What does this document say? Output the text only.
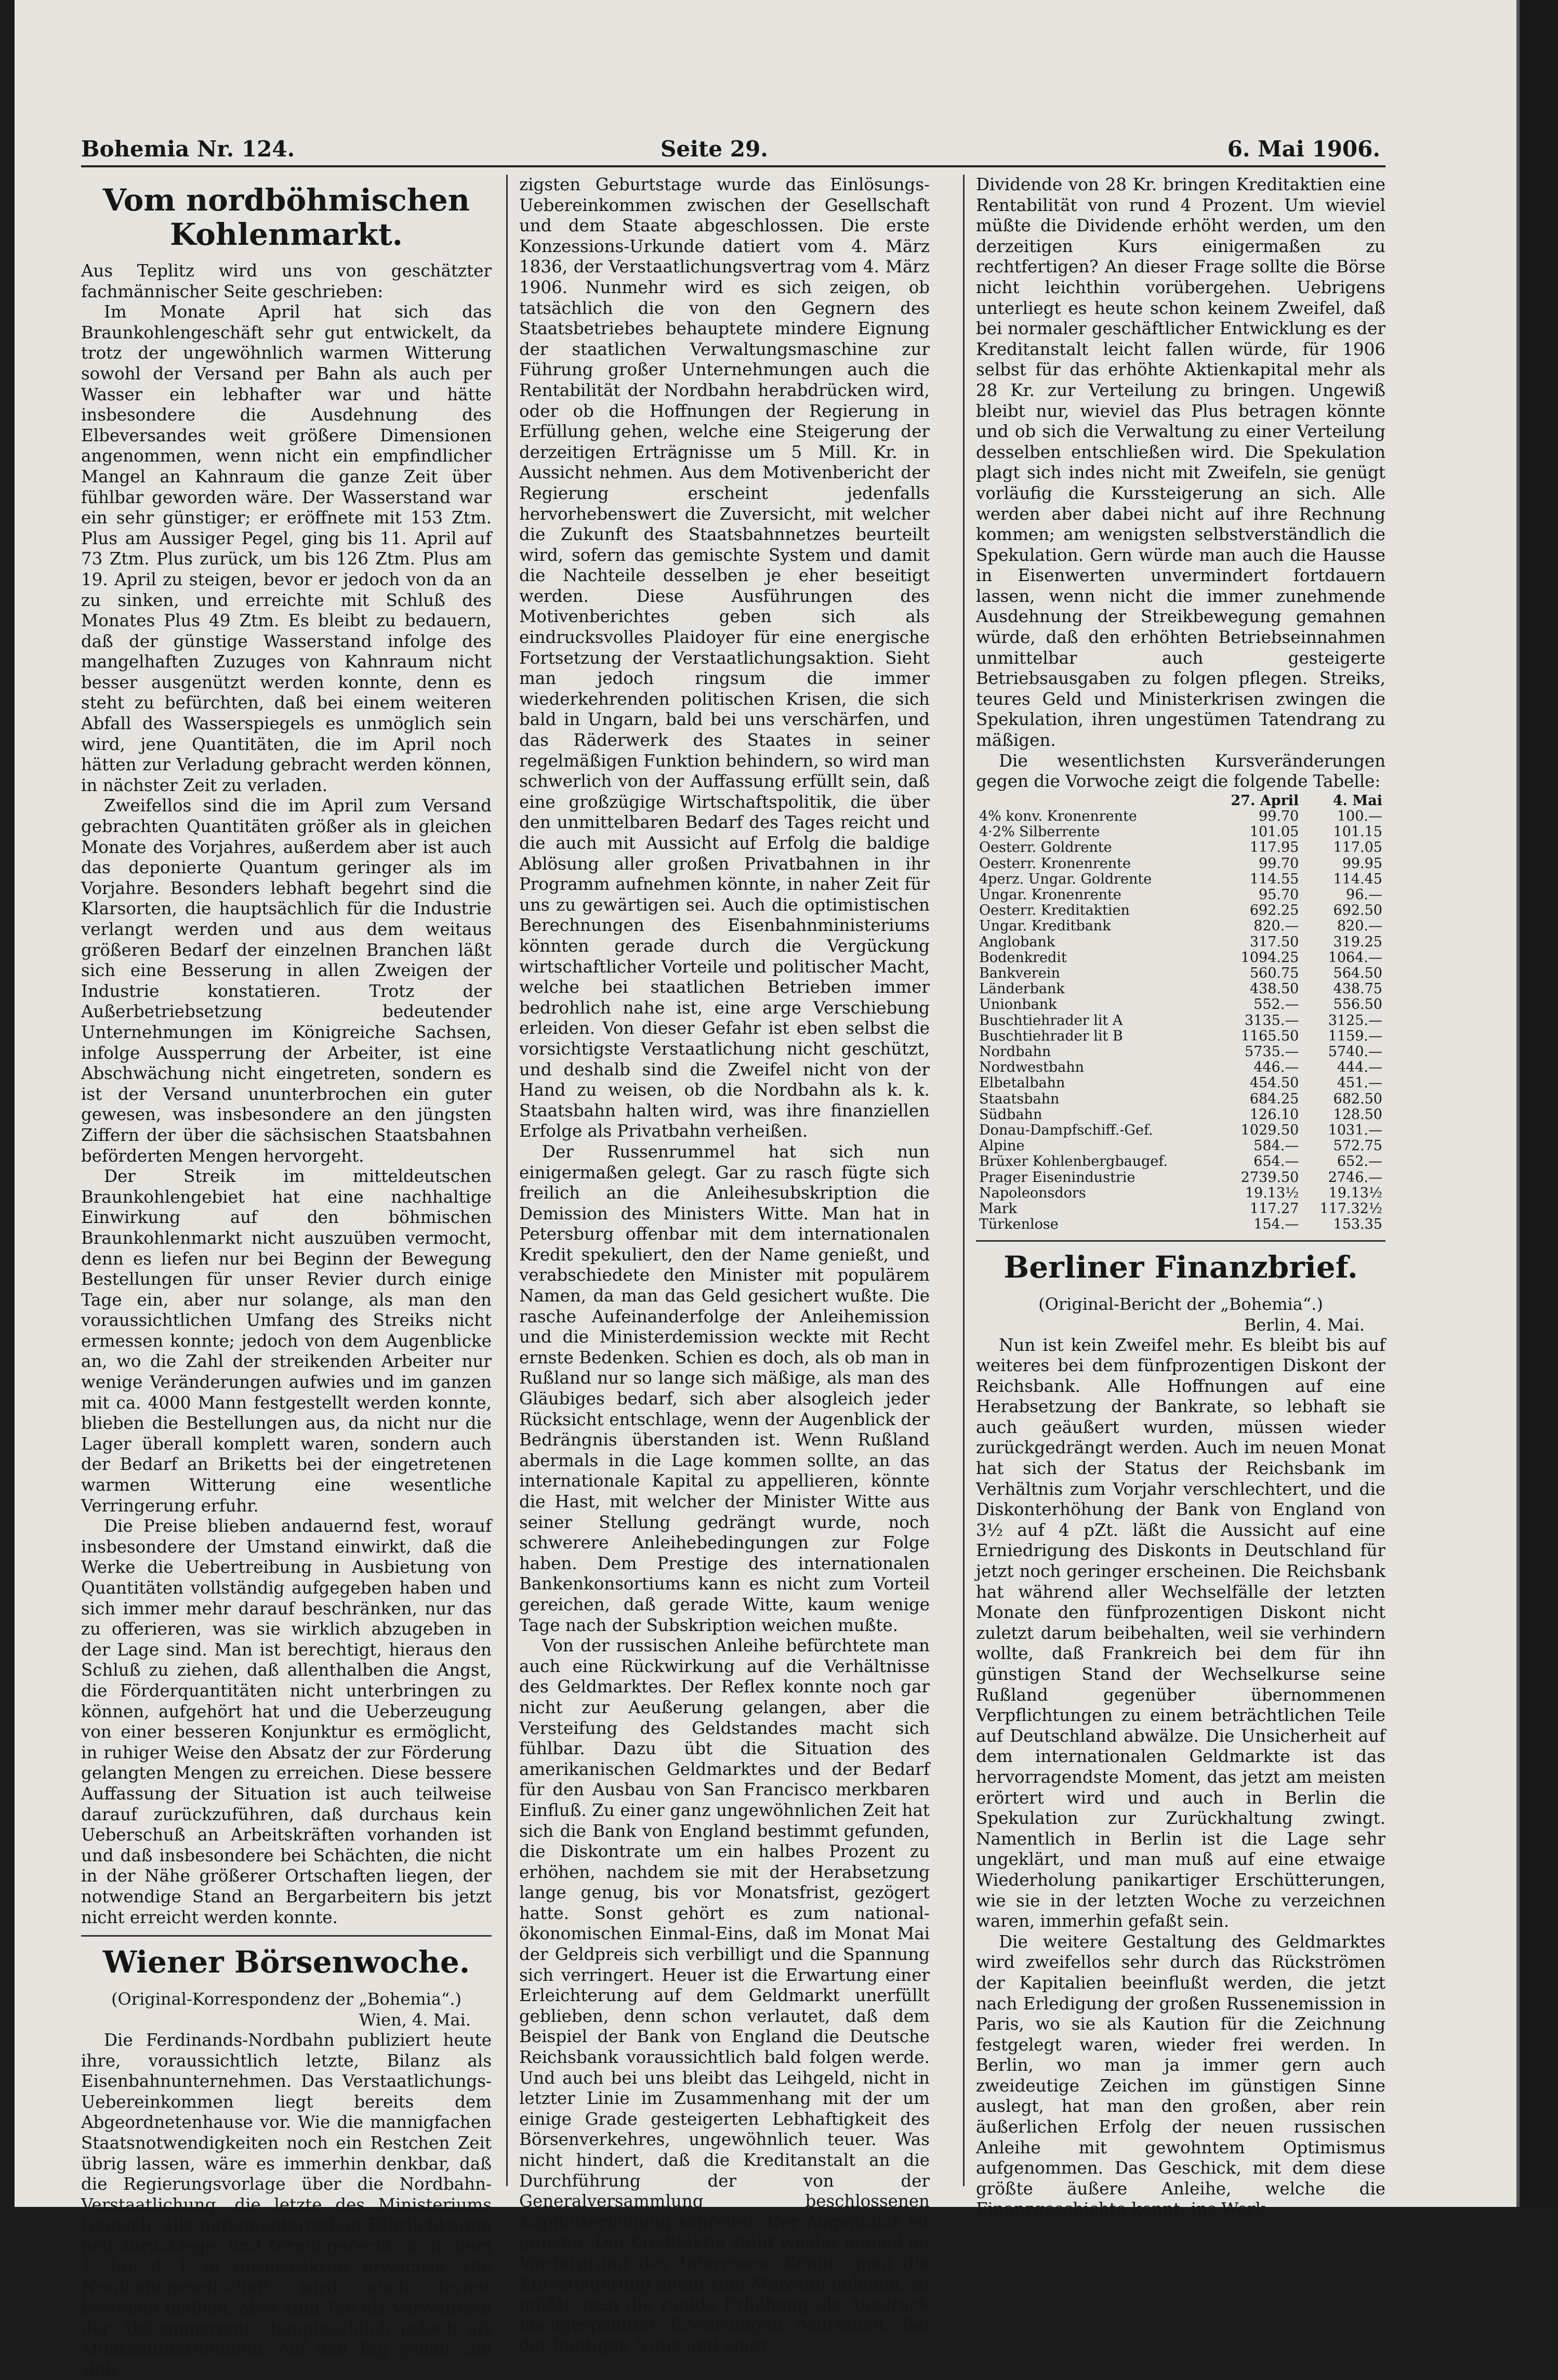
Bohemia Nr. 124.	Seite 29.	6. Mai 1906.
Vom nordböhmischen Kohlenmarkt.

Aus Teplitz wird uns von geschätzter fachmännischer Seite geschrieben:

Im Monate April hat sich das Braunkohlengeschäft sehr gut entwickelt, da trotz der ungewöhnlich warmen Witterung sowohl der Versand per Bahn als auch per Wasser ein lebhafter war und hätte insbesondere die Ausdehnung des Elbeversandes weit größere Dimensionen angenommen, wenn nicht ein empfindlicher Mangel an Kahnraum die ganze Zeit über fühlbar geworden wäre. Der Wasserstand war ein sehr günstiger; er eröffnete mit 153 Ztm. Plus am Aussiger Pegel, ging bis 11. April auf 73 Ztm. Plus zurück, um bis 126 Ztm. Plus am 19. April zu steigen, bevor er jedoch von da an zu sinken, und erreichte mit Schluß des Monates Plus 49 Ztm. Es bleibt zu bedauern, daß der günstige Wasserstand infolge des mangelhaften Zuzuges von Kahnraum nicht besser ausgenützt werden konnte, denn es steht zu befürchten, daß bei einem weiteren Abfall des Wasserspiegels es unmöglich sein wird, jene Quantitäten, die im April noch hätten zur Verladung gebracht werden können, in nächster Zeit zu verladen.

Zweifellos sind die im April zum Versand gebrachten Quantitäten größer als in gleichen Monate des Vorjahres, außerdem aber ist auch das deponierte Quantum geringer als im Vorjahre. Besonders lebhaft begehrt sind die Klarsorten, die hauptsächlich für die Industrie verlangt werden und aus dem weitaus größeren Bedarf der einzelnen Branchen läßt sich eine Besserung in allen Zweigen der Industrie konstatieren. Trotz der Außerbetriebsetzung bedeutender Unternehmungen im Königreiche Sachsen, infolge Aussperrung der Arbeiter, ist eine Abschwächung nicht eingetreten, sondern es ist der Versand ununterbrochen ein guter gewesen, was insbesondere an den jüngsten Ziffern der über die sächsischen Staatsbahnen beförderten Mengen hervorgeht.

Der Streik im mitteldeutschen Braunkohlengebiet hat eine nachhaltige Einwirkung auf den böhmischen Braunkohlenmarkt nicht auszuüben vermocht, denn es liefen nur bei Beginn der Bewegung Bestellungen für unser Revier durch einige Tage ein, aber nur solange, als man den voraussichtlichen Umfang des Streiks nicht ermessen konnte; jedoch von dem Augenblicke an, wo die Zahl der streikenden Arbeiter nur wenige Veränderungen aufwies und im ganzen mit ca. 4000 Mann festgestellt werden konnte, blieben die Bestellungen aus, da nicht nur die Lager überall komplett waren, sondern auch der Bedarf an Briketts bei der eingetretenen warmen Witterung eine wesentliche Verringerung erfuhr.

Die Preise blieben andauernd fest, worauf insbesondere der Umstand einwirkt, daß die Werke die Uebertreibung in Ausbietung von Quantitäten vollständig aufgegeben haben und sich immer mehr darauf beschränken, nur das zu offerieren, was sie wirklich abzugeben in der Lage sind. Man ist berechtigt, hieraus den Schluß zu ziehen, daß allenthalben die Angst, die Förderquantitäten nicht unterbringen zu können, aufgehört hat und die Ueberzeugung von einer besseren Konjunktur es ermöglicht, in ruhiger Weise den Absatz der zur Förderung gelangten Mengen zu erreichen. Diese bessere Auffassung der Situation ist auch teilweise darauf zurückzuführen, daß durchaus kein Ueberschuß an Arbeitskräften vorhanden ist und daß insbesondere bei Schächten, die nicht in der Nähe größerer Ortschaften liegen, der notwendige Stand an Bergarbeitern bis jetzt nicht erreicht werden konnte.

Wiener Börsenwoche.
(Original-Korrespondenz der „Bohemia“.)
Wien, 4. Mai.

Die Ferdinands-Nordbahn publiziert heute ihre, voraussichtlich letzte, Bilanz als Eisenbahnunternehmen. Das Verstaatlichungs-Uebereinkommen liegt bereits dem Abgeordnetenhause vor. Wie die mannigfachen Staatsnotwendigkeiten noch ein Restchen Zeit übrig lassen, wäre es immerhin denkbar, daß die Regierungsvorlage über die Nordbahn-Verstaatlichung, die letzte des Ministeriums Gautsch, alle parlamentarischen Fährlichkeiten heil zurücklege, und termingerecht, d. h. dem 1. Juli d. J. in Gesetzeskraft erwachse. Die Nordbahngesellschaft wird auch ferner bestehen bleiben, aber zum Teil als Verwalterin der Ablösungsrente, hauptsächlich jedoch als Montanunternehmen. Auf den Tag genau, am sieb-

zigsten Geburtstage wurde das Einlösungs-Uebereinkommen zwischen der Gesellschaft und dem Staate abgeschlossen. Die erste Konzessions-Urkunde datiert vom 4. März 1836, der Verstaatlichungsvertrag vom 4. März 1906. Nunmehr wird es sich zeigen, ob tatsächlich die von den Gegnern des Staatsbetriebes behauptete mindere Eignung der staatlichen Verwaltungsmaschine zur Führung großer Unternehmungen auch die Rentabilität der Nordbahn herabdrücken wird, oder ob die Hoffnungen der Regierung in Erfüllung gehen, welche eine Steigerung der derzeitigen Erträgnisse um 5 Mill. Kr. in Aussicht nehmen. Aus dem Motivenbericht der Regierung erscheint jedenfalls hervorhebenswert die Zuversicht, mit welcher die Zukunft des Staatsbahnnetzes beurteilt wird, sofern das gemischte System und damit die Nachteile desselben je eher beseitigt werden. Diese Ausführungen des Motivenberichtes geben sich als eindrucksvolles Plaidoyer für eine energische Fortsetzung der Verstaatlichungsaktion. Sieht man jedoch ringsum die immer wiederkehrenden politischen Krisen, die sich bald in Ungarn, bald bei uns verschärfen, und das Räderwerk des Staates in seiner regelmäßigen Funktion behindern, so wird man schwerlich von der Auffassung erfüllt sein, daß eine großzügige Wirtschaftspolitik, die über den unmittelbaren Bedarf des Tages reicht und die auch mit Aussicht auf Erfolg die baldige Ablösung aller großen Privatbahnen in ihr Programm aufnehmen könnte, in naher Zeit für uns zu gewärtigen sei. Auch die optimistischen Berechnungen des Eisenbahnministeriums könnten gerade durch die Vergückung wirtschaftlicher Vorteile und politischer Macht, welche bei staatlichen Betrieben immer bedrohlich nahe ist, eine arge Verschiebung erleiden. Von dieser Gefahr ist eben selbst die vorsichtigste Verstaatlichung nicht geschützt, und deshalb sind die Zweifel nicht von der Hand zu weisen, ob die Nordbahn als k. k. Staatsbahn halten wird, was ihre finanziellen Erfolge als Privatbahn verheißen.

Der Russenrummel hat sich nun einigermaßen gelegt. Gar zu rasch fügte sich freilich an die Anleihesubskription die Demission des Ministers Witte. Man hat in Petersburg offenbar mit dem internationalen Kredit spekuliert, den der Name genießt, und verabschiedete den Minister mit populärem Namen, da man das Geld gesichert wußte. Die rasche Aufeinanderfolge der Anleihemission und die Ministerdemission weckte mit Recht ernste Bedenken. Schien es doch, als ob man in Rußland nur so lange sich mäßige, als man des Gläubiges bedarf, sich aber alsogleich jeder Rücksicht entschlage, wenn der Augenblick der Bedrängnis überstanden ist. Wenn Rußland abermals in die Lage kommen sollte, an das internationale Kapital zu appellieren, könnte die Hast, mit welcher der Minister Witte aus seiner Stellung gedrängt wurde, noch schwerere Anleihebedingungen zur Folge haben. Dem Prestige des internationalen Bankenkonsortiums kann es nicht zum Vorteil gereichen, daß gerade Witte, kaum wenige Tage nach der Subskription weichen mußte.

Von der russischen Anleihe befürchtete man auch eine Rückwirkung auf die Verhältnisse des Geldmarktes. Der Reflex konnte noch gar nicht zur Aeußerung gelangen, aber die Versteifung des Geldstandes macht sich fühlbar. Dazu übt die Situation des amerikanischen Geldmarktes und der Bedarf für den Ausbau von San Francisco merkbaren Einfluß. Zu einer ganz ungewöhnlichen Zeit hat sich die Bank von England bestimmt gefunden, die Diskontrate um ein halbes Prozent zu erhöhen, nachdem sie mit der Herabsetzung lange genug, bis vor Monatsfrist, gezögert hatte. Sonst gehört es zum national-ökonomischen Einmal-Eins, daß im Monat Mai der Geldpreis sich verbilligt und die Spannung sich verringert. Heuer ist die Erwartung einer Erleichterung auf dem Geldmarkt unerfüllt geblieben, denn schon verlautet, daß dem Beispiel der Bank von England die Deutsche Reichsbank voraussichtlich bald folgen werde. Und auch bei uns bleibt das Leihgeld, nicht in letzter Linie im Zusammenhang mit der um einige Grade gesteigerten Lebhaftigkeit des Börsenverkehres, ungewöhnlich teuer. Was nicht hindert, daß die Kreditanstalt an die Durchführung der von der Generalversammlung beschlossenen Kapitalserhöhung schreitet. Der Augenblick ist günstig. Die Kreditaktie steht wieder einmal im Vordergrund des Interesses. Könnte man die Kurssteigerung allein zum Maßstab nehmen, so müßte man die rapide Erhöhung als Ausdruck hochgespannter Erwartungen beurteilen. Bei der heutigen Notiz und einer

Dividende von 28 Kr. bringen Kreditaktien eine Rentabilität von rund 4 Prozent. Um wieviel müßte die Dividende erhöht werden, um den derzeitigen Kurs einigermaßen zu rechtfertigen? An dieser Frage sollte die Börse nicht leichthin vorübergehen. Uebrigens unterliegt es heute schon keinem Zweifel, daß bei normaler geschäftlicher Entwicklung es der Kreditanstalt leicht fallen würde, für 1906 selbst für das erhöhte Aktienkapital mehr als 28 Kr. zur Verteilung zu bringen. Ungewiß bleibt nur, wieviel das Plus betragen könnte und ob sich die Verwaltung zu einer Verteilung desselben entschließen wird. Die Spekulation plagt sich indes nicht mit Zweifeln, sie genügt vorläufig die Kurssteigerung an sich. Alle werden aber dabei nicht auf ihre Rechnung kommen; am wenigsten selbstverständlich die Spekulation. Gern würde man auch die Hausse in Eisenwerten unvermindert fortdauern lassen, wenn nicht die immer zunehmende Ausdehnung der Streikbewegung gemahnen würde, daß den erhöhten Betriebseinnahmen unmittelbar auch gesteigerte Betriebsausgaben zu folgen pflegen. Streiks, teures Geld und Ministerkrisen zwingen die Spekulation, ihren ungestümen Tatendrang zu mäßigen.

Die wesentlichsten Kursveränderungen gegen die Vorwoche zeigt die folgende Tabelle:

	27. April	4. Mai
4% konv. Kronenrente	99.70	100.—
4·2% Silberrente	101.05	101.15
Oesterr. Goldrente	117.95	117.05
Oesterr. Kronenrente	99.70	99.95
4perz. Ungar. Goldrente	114.55	114.45
Ungar. Kronenrente	95.70	96.—
Oesterr. Kreditaktien	692.25	692.50
Ungar. Kreditbank	820.—	820.—
Anglobank	317.50	319.25
Bodenkredit	1094.25	1064.—
Bankverein	560.75	564.50
Länderbank	438.50	438.75
Unionbank	552.—	556.50
Buschtiehrader lit A	3135.—	3125.—
Buschtiehrader lit B	1165.50	1159.—
Nordbahn	5735.—	5740.—
Nordwestbahn	446.—	444.—
Elbetalbahn	454.50	451.—
Staatsbahn	684.25	682.50
Südbahn	126.10	128.50
Donau-Dampfschiff.-Gef.	1029.50	1031.—
Alpine	584.—	572.75
Brüxer Kohlenbergbaugef.	654.—	652.—
Prager Eisenindustrie	2739.50	2746.—
Napoleonsdors	19.13½	19.13½
Mark	117.27	117.32½
Türkenlose	154.—	153.35
Berliner Finanzbrief.
(Original-Bericht der „Bohemia“.)
Berlin, 4. Mai.

Nun ist kein Zweifel mehr. Es bleibt bis auf weiteres bei dem fünfprozentigen Diskont der Reichsbank. Alle Hoffnungen auf eine Herabsetzung der Bankrate, so lebhaft sie auch geäußert wurden, müssen wieder zurückgedrängt werden. Auch im neuen Monat hat sich der Status der Reichsbank im Verhältnis zum Vorjahr verschlechtert, und die Diskonterhöhung der Bank von England von 3½ auf 4 pZt. läßt die Aussicht auf eine Erniedrigung des Diskonts in Deutschland für jetzt noch geringer erscheinen. Die Reichsbank hat während aller Wechselfälle der letzten Monate den fünfprozentigen Diskont nicht zuletzt darum beibehalten, weil sie verhindern wollte, daß Frankreich bei dem für ihn günstigen Stand der Wechselkurse seine Rußland gegenüber übernommenen Verpflichtungen zu einem beträchtlichen Teile auf Deutschland abwälze. Die Unsicherheit auf dem internationalen Geldmarkte ist das hervorragendste Moment, das jetzt am meisten erörtert wird und auch in Berlin die Spekulation zur Zurückhaltung zwingt. Namentlich in Berlin ist die Lage sehr ungeklärt, und man muß auf eine etwaige Wiederholung panikartiger Erschütterungen, wie sie in der letzten Woche zu verzeichnen waren, immerhin gefaßt sein.

Die weitere Gestaltung des Geldmarktes wird zweifellos sehr durch das Rückströmen der Kapitalien beeinflußt werden, die jetzt nach Erledigung der großen Russenemission in Paris, wo sie als Kaution für die Zeichnung festgelegt waren, wieder frei werden. In Berlin, wo man ja immer gern auch zweideutige Zeichen im günstigen Sinne auslegt, hat man den großen, aber rein äußerlichen Erfolg der neuen russischen Anleihe mit gewohntem Optimismus aufgenommen. Das Geschick, mit dem diese größte äußere Anleihe, welche die Finanzgeschichte kennt, ins Werk
